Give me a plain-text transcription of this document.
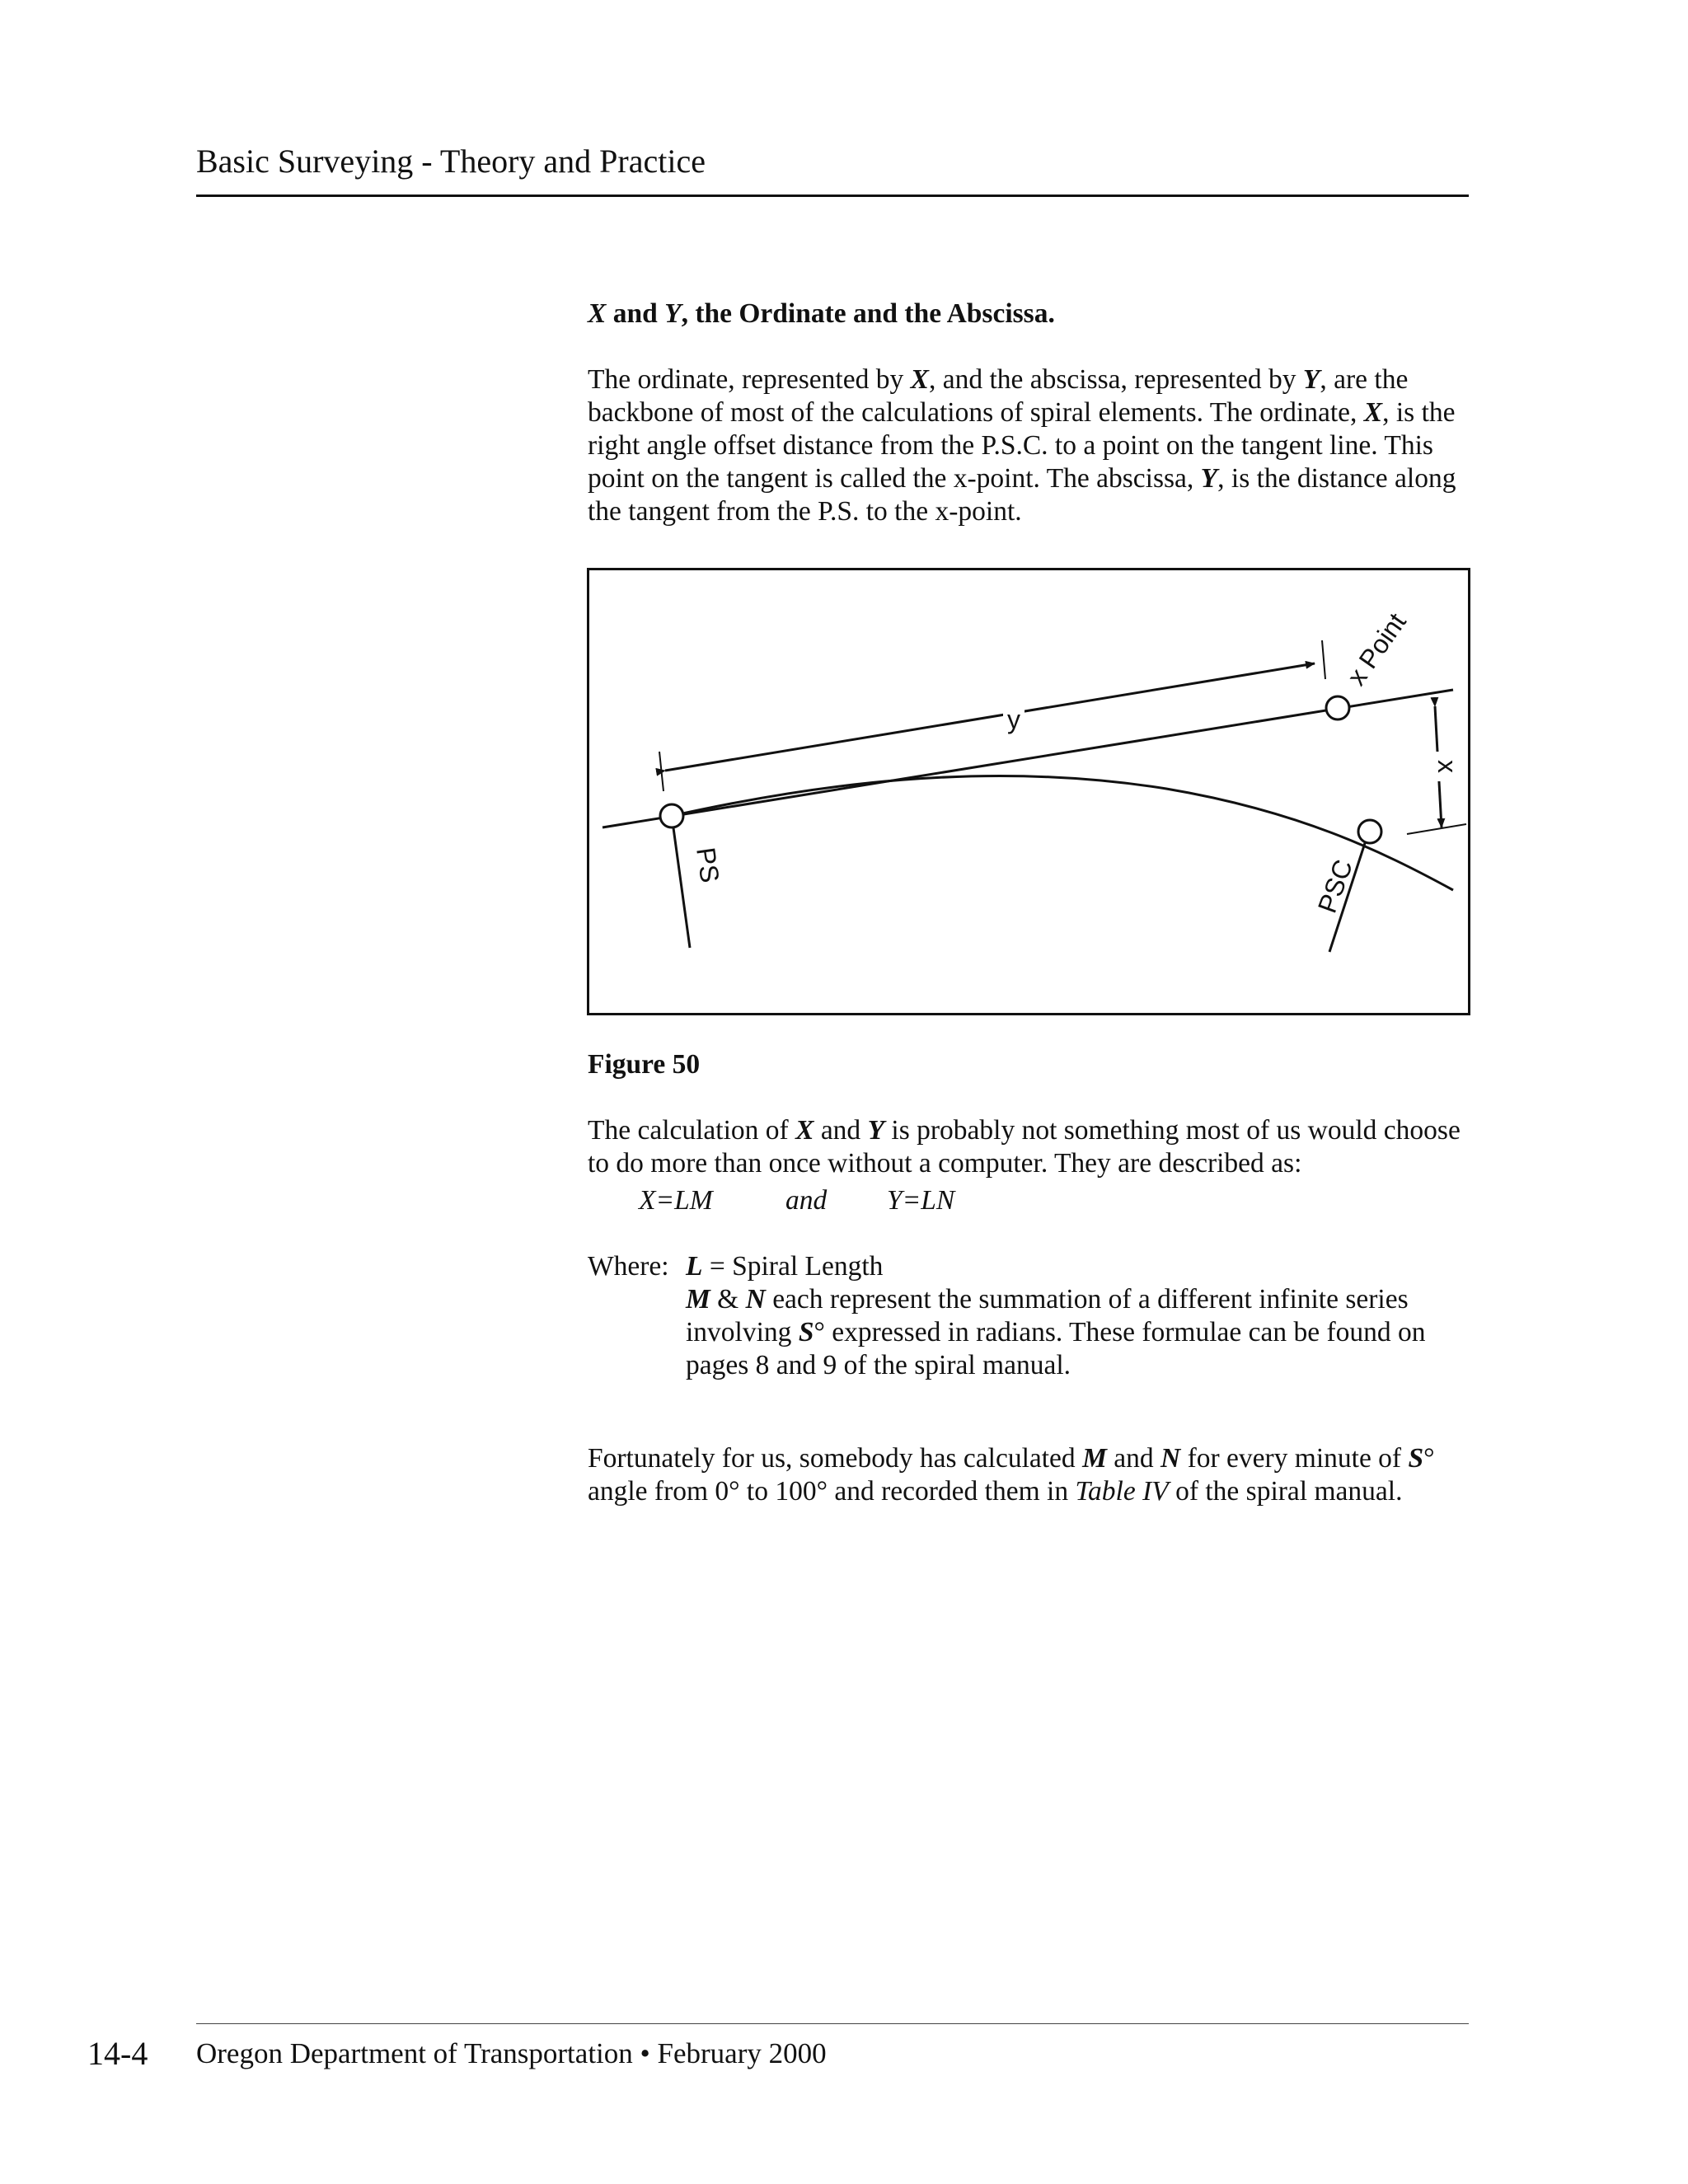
Basic Surveying - Theory and Practice

X and Y, the Ordinate and the Abscissa.

The ordinate, represented by X, and the abscissa, represented by Y, are the backbone of most of the calculations of spiral elements. The ordinate, X, is the right angle offset distance from the P.S.C. to a point on the tangent line. This point on the tangent is called the x-point. The abscissa, Y, is the distance along the tangent from the P.S. to the x-point.

y
x
x Point
PS	PSC

Figure 50

The calculation of X and Y is probably not something most of us would choose to do more than once without a computer. They are described as:

X=LM	and Y=LN
Where: L = Spiral Length
M & N each represent the summation of a different infinite series involving S° expressed in radians. These formulae can be found on pages 8 and 9 of the spiral manual.

Fortunately for us, somebody has calculated M and N for every minute of S° angle from 0° to 100° and recorded them in Table IV of the spiral manual.

14-4 Oregon Department of Transportation • February 2000
